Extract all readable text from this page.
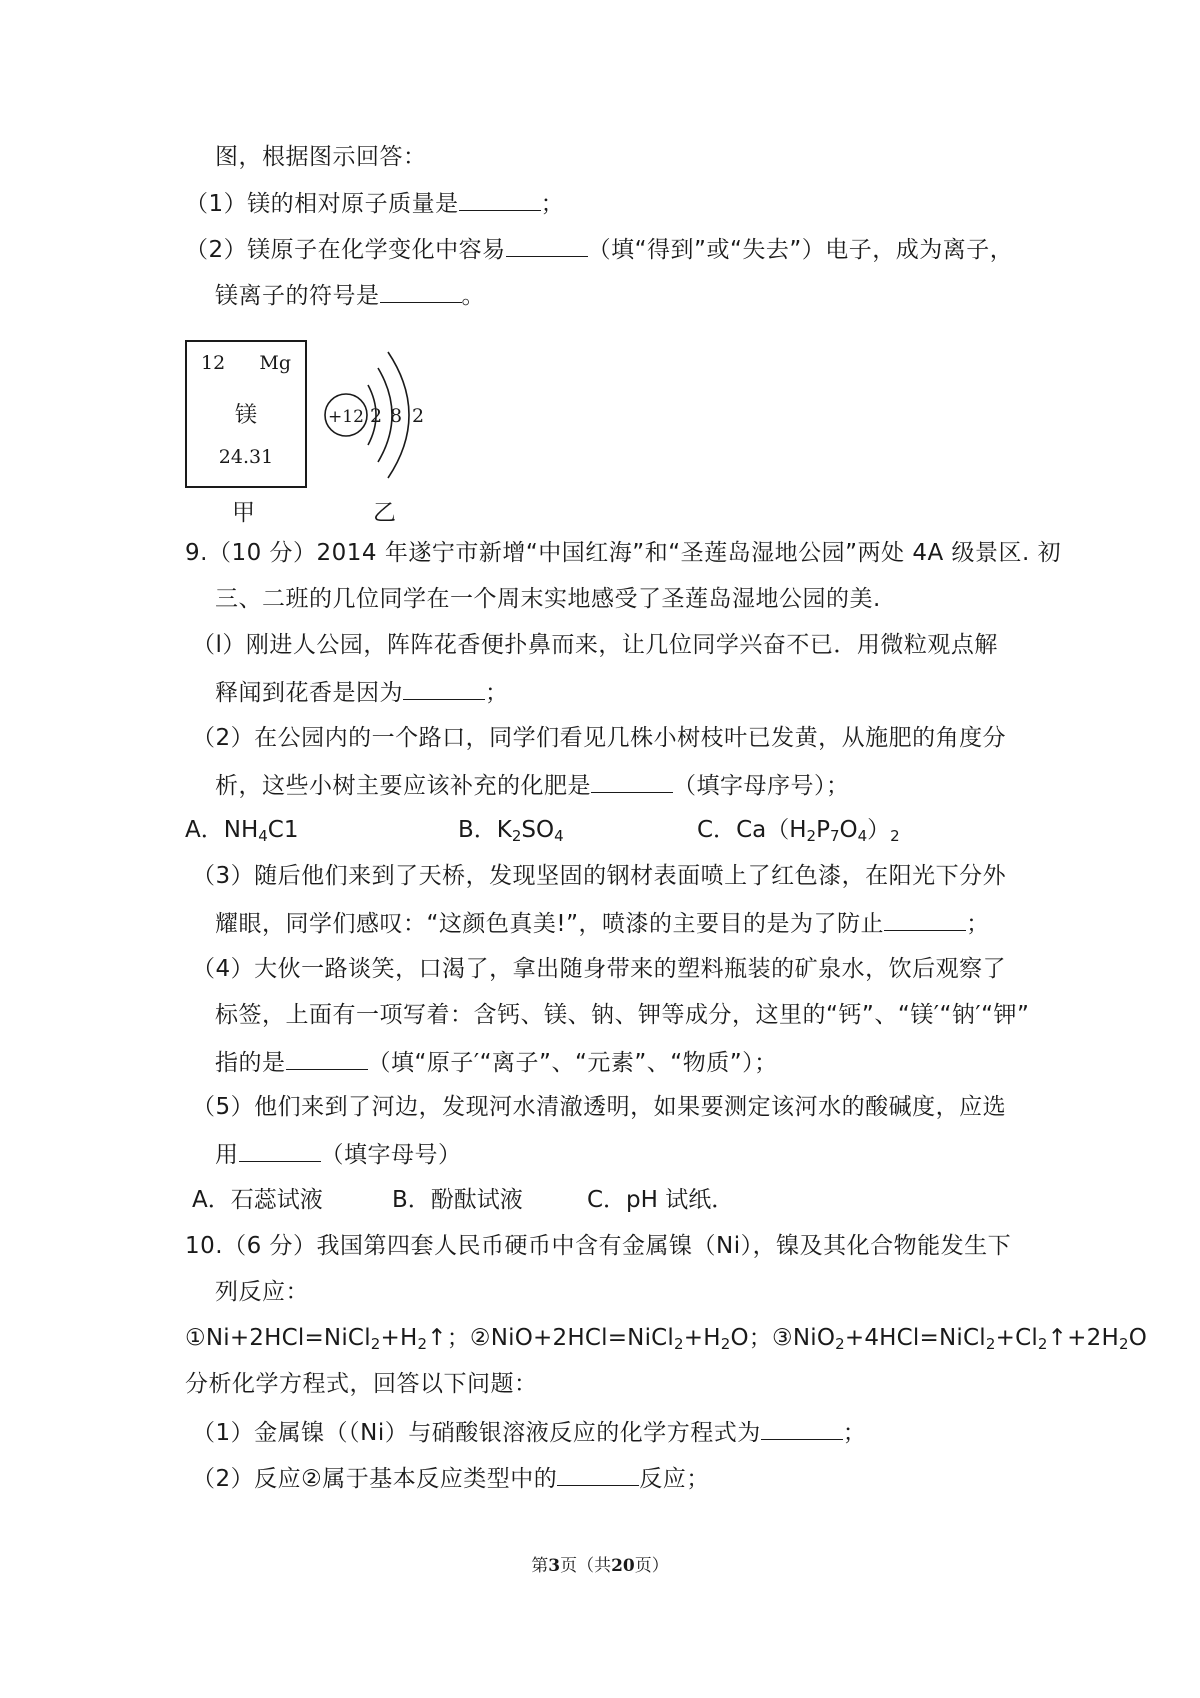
图，根据图示回答：
（1）镁的相对原子质量是	；
（2）镁原子在化学变化中容易	（填“得到”或“失去”）电子，成为离子，
镁离子的符号是	。
12 Mg
镁
24.31
+12 2 8 2
甲	乙
9.（10 分）2014 年遂宁市新增“中国红海”和“圣莲岛湿地公园”两处 4A 级景区. 初
三、二班的几位同学在一个周末实地感受了圣莲岛湿地公园的美.
（l）刚进人公园，阵阵花香便扑鼻而来，让几位同学兴奋不已．用微粒观点解
释闻到花香是因为	；
（2）在公园内的一个路口，同学们看见几株小树枝叶已发黄，从施肥的角度分
析，这些小树主要应该补充的化肥是	（填字母序号）；
A．$NH_4C1$	B．$K_2SO_4$	C．$Ca(H_2P_7O_4)_2$
（3）随后他们来到了天桥，发现坚固的钢材表面喷上了红色漆，在阳光下分外
耀眼，同学们感叹：“这颜色真美!”，喷漆的主要目的是为了防止	；
（4）大伙一路谈笑，口渴了，拿出随身带来的塑料瓶装的矿泉水，饮后观察了
标签，上面有一项写着：含钙、镁、钠、钾等成分，这里的“钙”、“镁′“钠′“钾”
指的是	（填“原子′“离子”、“元素”、“物质”）；
（5）他们来到了河边，发现河水清澈透明，如果要测定该河水的酸碱度，应选
用	（填字母号）
A．石蕊试液	B．酚酞试液	C．pH 试纸．
10.（6 分）我国第四套人民币硬币中含有金属镍（Ni），镍及其化合物能发生下
列反应：
$①Ni+2HCl=NiCl_2+H_2↑$；$②NiO+2HCl=NiCl_2+H_2O$；$③NiO_2+4HCl=NiCl_2+Cl_2↑+2H_2O$
分析化学方程式，回答以下问题：
（1）金属镍（（Ni）与硝酸银溶液反应的化学方程式为	；
（2）反应②属于基本反应类型中的	反应；
第3页（共20页）
